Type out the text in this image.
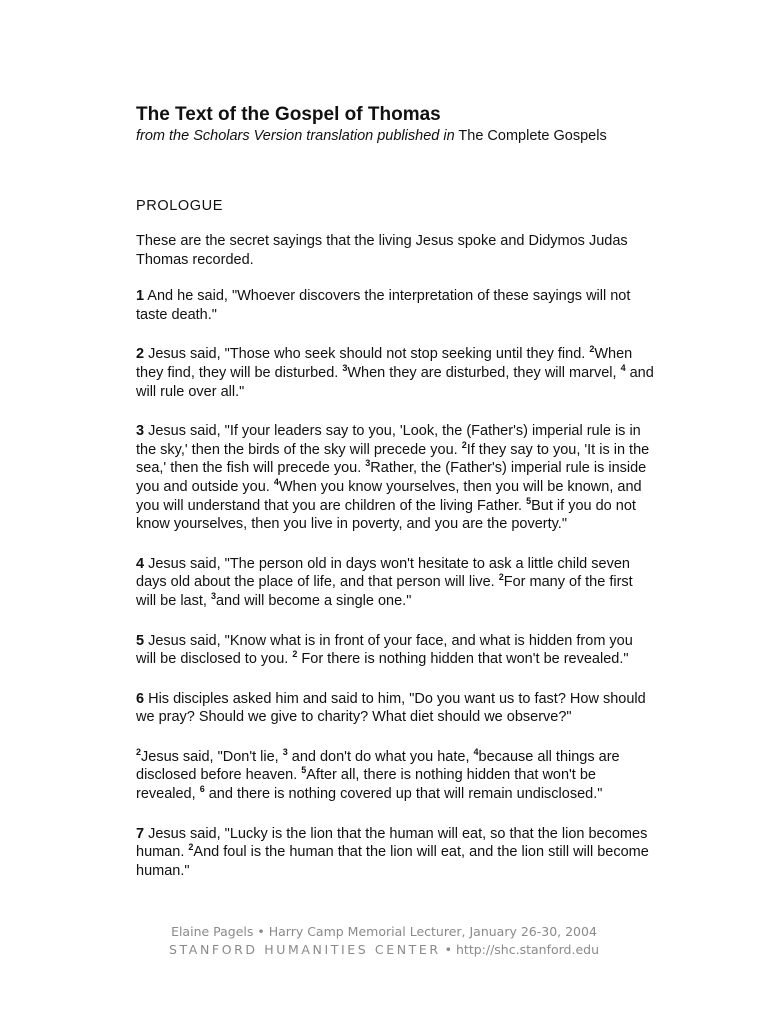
The Text of the Gospel of Thomas

from the Scholars Version translation published in The Complete Gospels

PROLOGUE

These are the secret sayings that the living Jesus spoke and Didymos Judas Thomas recorded.

1 And he said, "Whoever discovers the interpretation of these sayings will not taste death."

2 Jesus said, "Those who seek should not stop seeking until they find. $^2$When they find, they will be disturbed. $^3$When they are disturbed, they will marvel, $^4$ and will rule over all."

3 Jesus said, "If your leaders say to you, 'Look, the (Father's) imperial rule is in the sky,' then the birds of the sky will precede you. $^2$If they say to you, 'It is in the sea,' then the fish will precede you. $^3$Rather, the (Father's) imperial rule is inside you and outside you. $^4$When you know yourselves, then you will be known, and you will understand that you are children of the living Father. $^5$But if you do not know yourselves, then you live in poverty, and you are the poverty."

4 Jesus said, "The person old in days won't hesitate to ask a little child seven days old about the place of life, and that person will live. $^2$For many of the first will be last, $^3$and will become a single one."

5 Jesus said, "Know what is in front of your face, and what is hidden from you will be disclosed to you. $^2$ For there is nothing hidden that won't be revealed."

6 His disciples asked him and said to him, "Do you want us to fast? How should we pray? Should we give to charity? What diet should we observe?"

$^2$Jesus said, "Don't lie, $^3$ and don't do what you hate, $^4$because all things are disclosed before heaven. $^5$After all, there is nothing hidden that won't be revealed, $^6$ and there is nothing covered up that will remain undisclosed."

7 Jesus said, "Lucky is the lion that the human will eat, so that the lion becomes human. $^2$And foul is the human that the lion will eat, and the lion still will become human."

Elaine Pagels • Harry Camp Memorial Lecturer, January 26-30, 2004
STANFORD HUMANITIES CENTER • http://shc.stanford.edu
